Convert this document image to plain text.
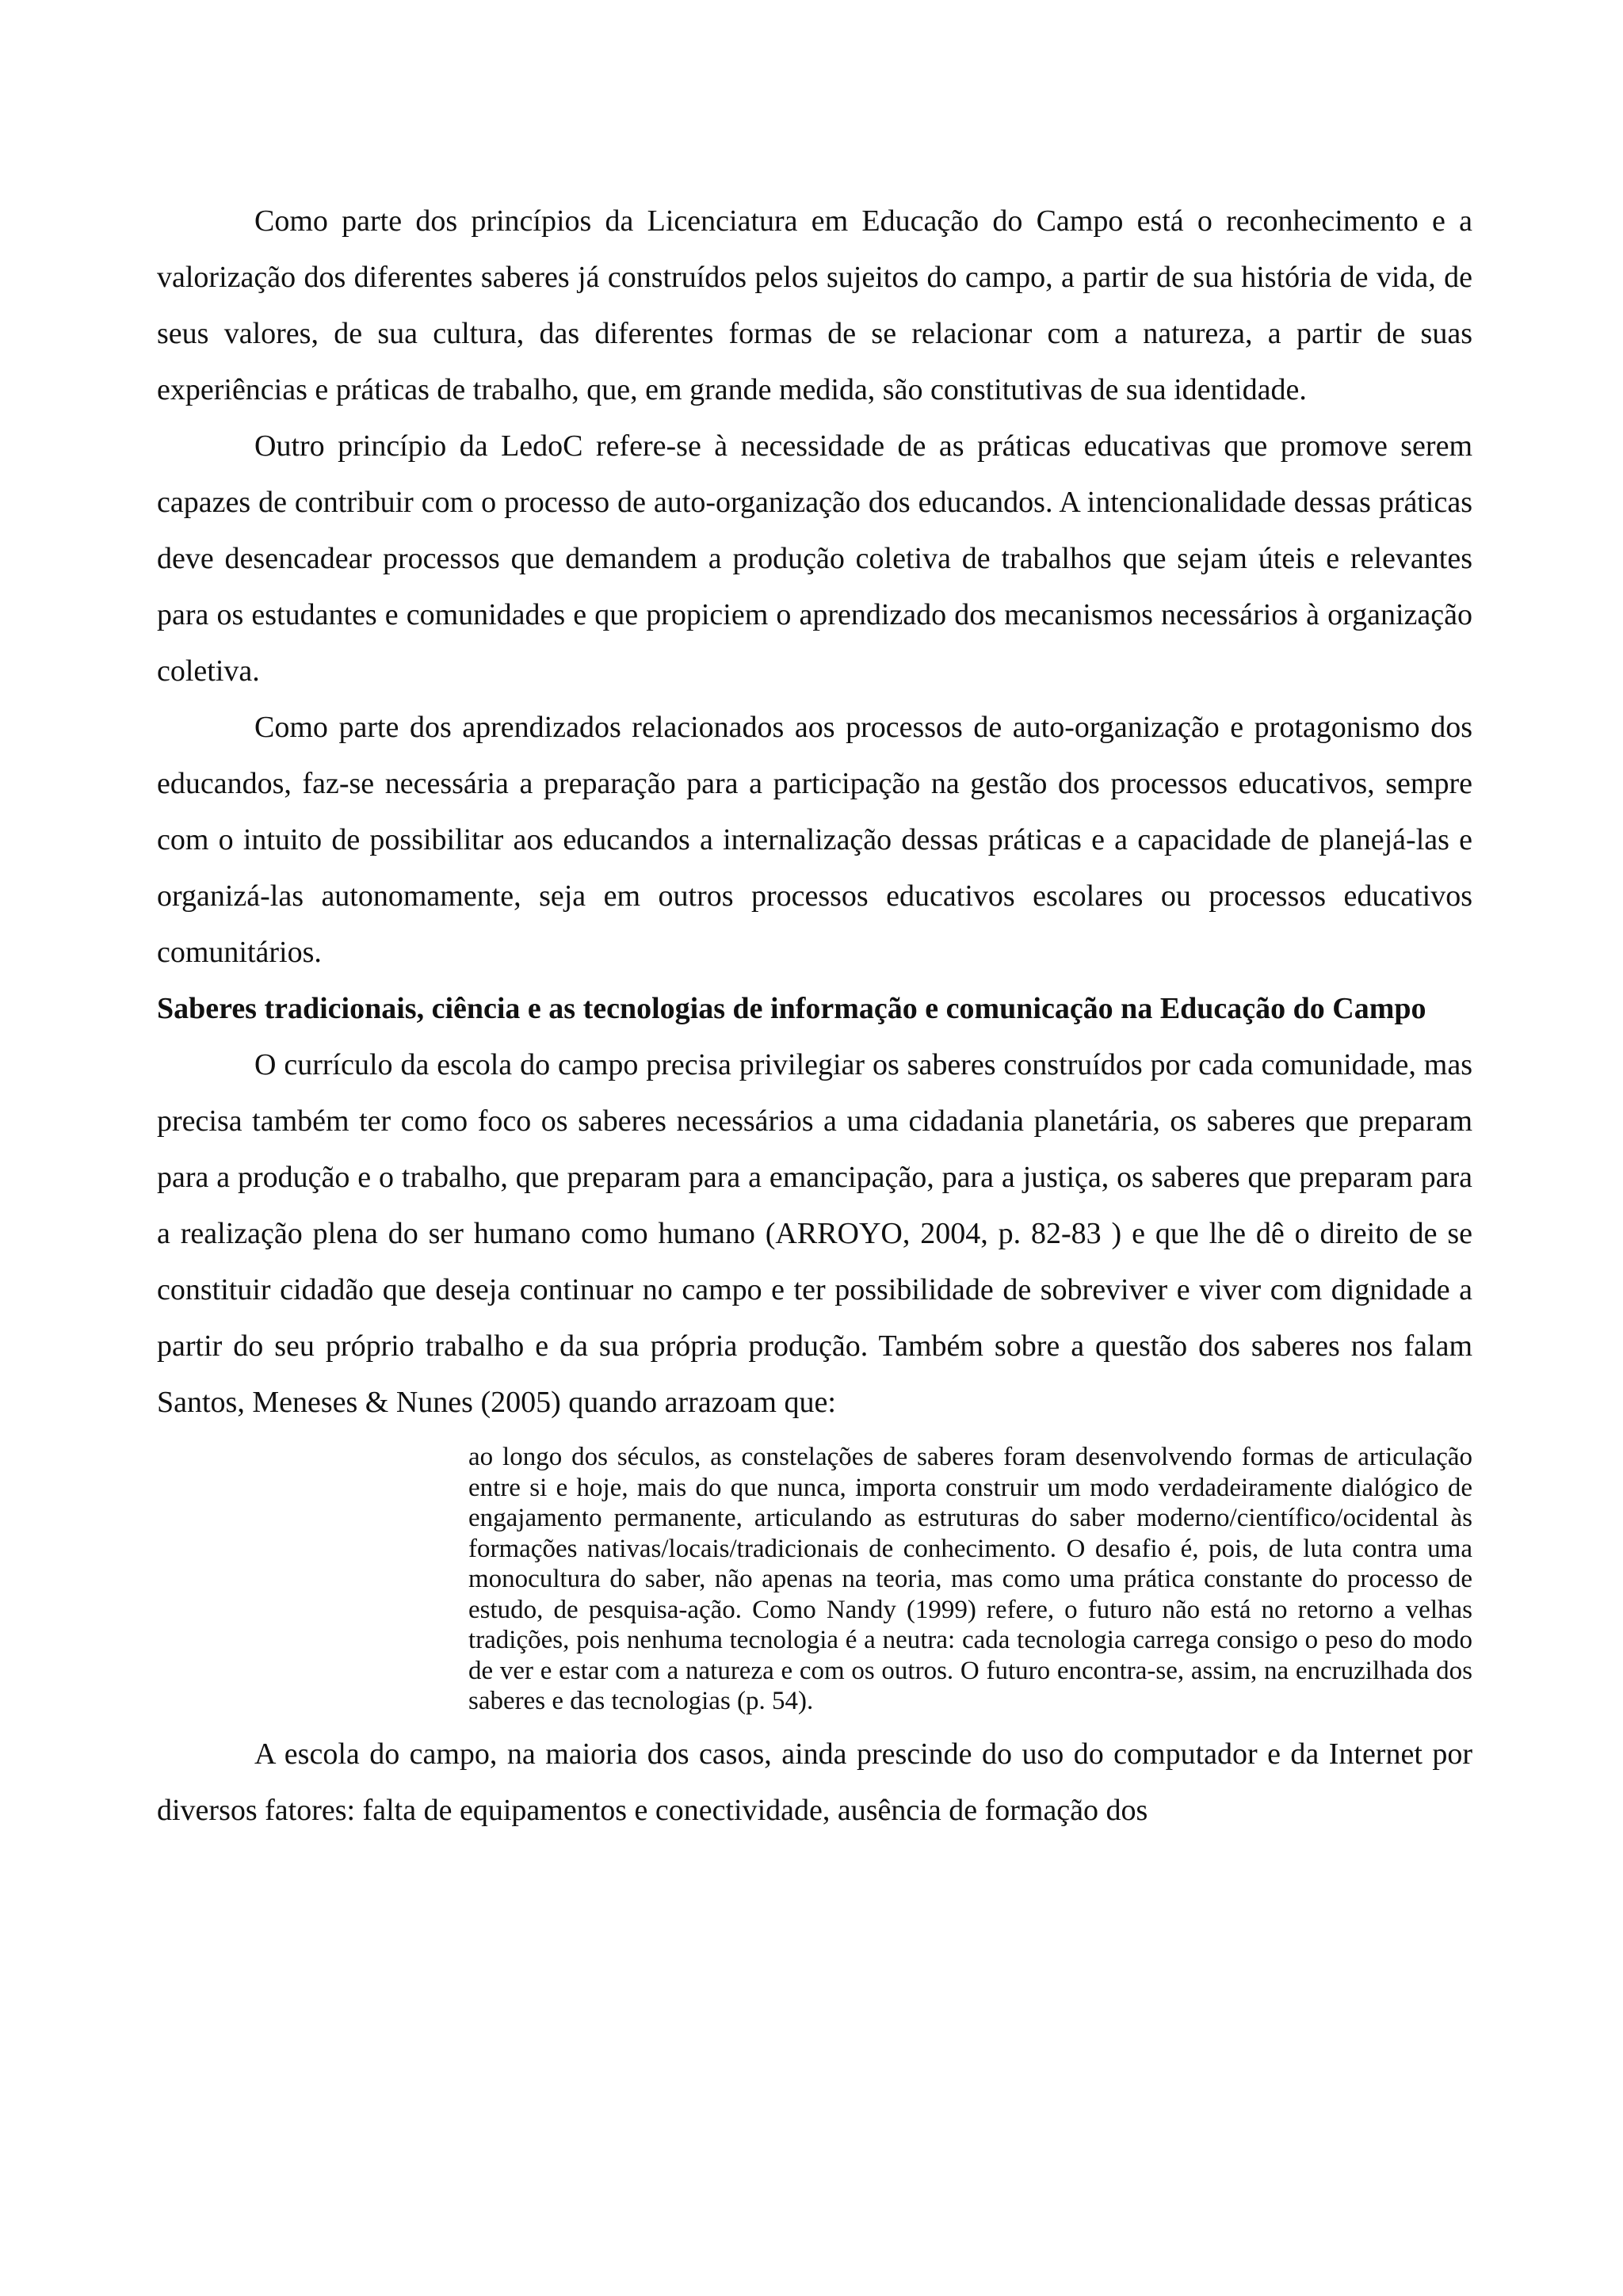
Como parte dos princípios da Licenciatura em Educação do Campo está o reconhecimento e a valorização dos diferentes saberes já construídos pelos sujeitos do campo, a partir de sua história de vida, de seus valores, de sua cultura, das diferentes formas de se relacionar com a natureza, a partir de suas experiências e práticas de trabalho, que, em grande medida, são constitutivas de sua identidade.

Outro princípio da LedoC refere-se à necessidade de as práticas educativas que promove serem capazes de contribuir com o processo de auto-organização dos educandos. A intencionalidade dessas práticas deve desencadear processos que demandem a produção coletiva de trabalhos que sejam úteis e relevantes para os estudantes e comunidades e que propiciem o aprendizado dos mecanismos necessários à organização coletiva.

Como parte dos aprendizados relacionados aos processos de auto-organização e protagonismo dos educandos, faz-se necessária a preparação para a participação na gestão dos processos educativos, sempre com o intuito de possibilitar aos educandos a internalização dessas práticas e a capacidade de planejá-las e organizá-las autonomamente, seja em outros processos educativos escolares ou processos educativos comunitários.

Saberes tradicionais, ciência e as tecnologias de informação e comunicação na Educação do Campo

O currículo da escola do campo precisa privilegiar os saberes construídos por cada comunidade, mas precisa também ter como foco os saberes necessários a uma cidadania planetária, os saberes que preparam para a produção e o trabalho, que preparam para a emancipação, para a justiça, os saberes que preparam para a realização plena do ser humano como humano (ARROYO, 2004, p. 82-83 ) e que lhe dê o direito de se constituir cidadão que deseja continuar no campo e ter possibilidade de sobreviver e viver com dignidade a partir do seu próprio trabalho e da sua própria produção. Também sobre a questão dos saberes nos falam Santos, Meneses & Nunes (2005) quando arrazoam que:

ao longo dos séculos, as constelações de saberes foram desenvolvendo formas de articulação entre si e hoje, mais do que nunca, importa construir um modo verdadeiramente dialógico de engajamento permanente, articulando as estruturas do saber moderno/científico/ocidental às formações nativas/locais/tradicionais de conhecimento. O desafio é, pois, de luta contra uma monocultura do saber, não apenas na teoria, mas como uma prática constante do processo de estudo, de pesquisa-ação. Como Nandy (1999) refere, o futuro não está no retorno a velhas tradições, pois nenhuma tecnologia é a neutra: cada tecnologia carrega consigo o peso do modo de ver e estar com a natureza e com os outros. O futuro encontra-se, assim, na encruzilhada dos saberes e das tecnologias (p. 54).

A escola do campo, na maioria dos casos, ainda prescinde do uso do computador e da Internet por diversos fatores: falta de equipamentos e conectividade, ausência de formação dos
